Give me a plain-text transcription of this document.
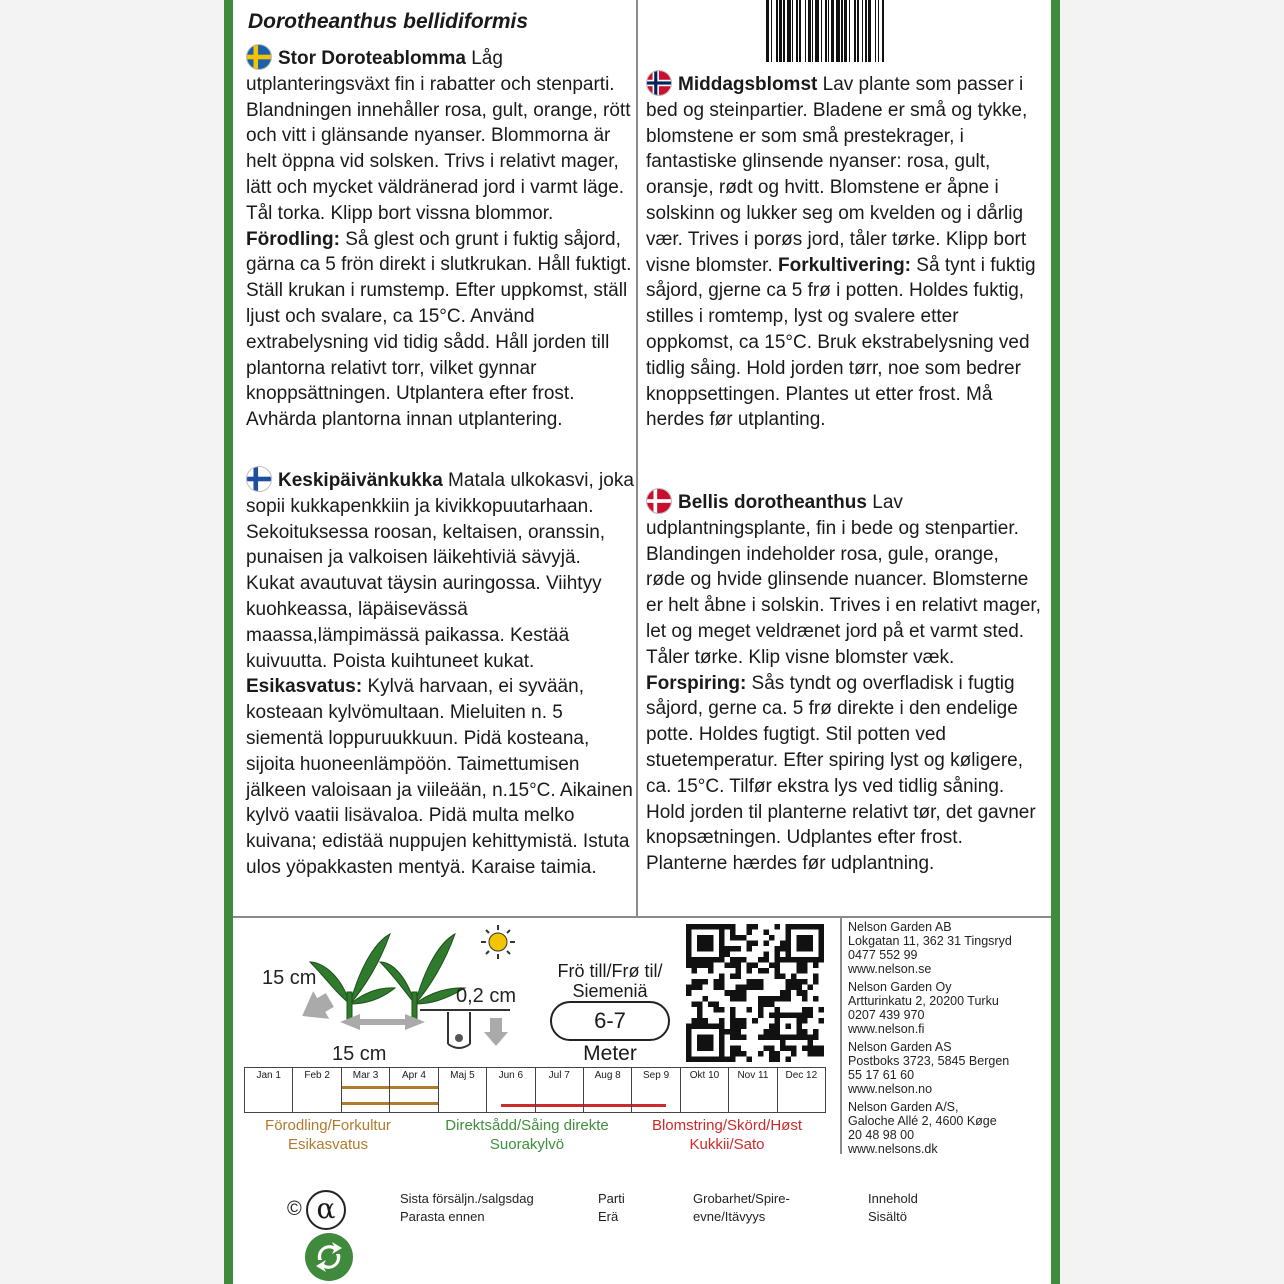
Dorotheanthus bellidiformis
Stor Doroteablomma Låg utplanteringsväxt fin i rabatter och stenparti. Blandningen innehåller rosa, gult, orange, rött och vitt i glänsande nyanser. Blommorna är helt öppna vid solsken. Trivs i relativt mager, lätt och mycket väldränerad jord i varmt läge. Tål torka. Klipp bort vissna blommor. Förodling: Så glest och grunt i fuktig såjord, gärna ca 5 frön direkt i slutkrukan. Håll fuktigt. Ställ krukan i rumstemp. Efter uppkomst, ställ ljust och svalare, ca 15°C. Använd extrabelysning vid tidig sådd. Håll jorden till plantorna relativt torr, vilket gynnar knoppsättningen. Utplantera efter frost. Avhärda plantorna innan utplantering.
Middagsblomst Lav plante som passer i bed og steinpartier. Bladene er små og tykke, blomstene er som små prestekrager, i fantastiske glinsende nyanser: rosa, gult, oransje, rødt og hvitt. Blomstene er åpne i solskinn og lukker seg om kvelden og i dårlig vær. Trives i porøs jord, tåler tørke. Klipp bort visne blomster. Forkultivering: Så tynt i fuktig såjord, gjerne ca 5 frø i potten. Holdes fuktig, stilles i romtemp, lyst og svalere etter oppkomst, ca 15°C. Bruk ekstrabelysning ved tidlig såing. Hold jorden tørr, noe som bedrer knoppsettingen. Plantes ut etter frost. Må herdes før utplanting.
Keskipäivänkukka Matala ulkokasvi, joka sopii kukkapenkkiin ja kivikkopuutarhaan. Sekoituksessa roosan, keltaisen, oranssin, punaisen ja valkoisen läikehtiviä sävyjä. Kukat avautuvat täysin auringossa. Viihtyy kuohkeassa, läpäisevässä maassa,lämpimässä paikassa. Kestää kuivuutta. Poista kuihtuneet kukat. Esikasvatus: Kylvä harvaan, ei syvään, kosteaan kylvömultaan. Mieluiten n. 5 siementä loppuruukkuun. Pidä kosteana, sijoita huoneenlämpöön. Taimettumisen jälkeen valoisaan ja viileään, n.15°C. Aikainen kylvö vaatii lisävaloa. Pidä multa melko kuivana; edistää nuppujen kehittymistä. Istuta ulos yöpakkasten mentyä. Karaise taimia.
Bellis dorotheanthus Lav udplantningsplante, fin i bede og stenpartier. Blandingen indeholder rosa, gule, orange, røde og hvide glinsende nuancer. Blomsterne er helt åbne i solskin. Trives i en relativt mager, let og meget veldrænet jord på et varmt sted. Tåler tørke. Klip visne blomster væk. Forspiring: Sås tyndt og overfladisk i fugtig såjord, gerne ca. 5 frø direkte i den endelige potte. Holdes fugtigt. Stil potten ved stuetemperatur. Efter spiring lyst og køligere, ca. 15°C. Tilfør ekstra lys ved tidlig såning. Hold jorden til planterne relativt tør, det gavner knopsætningen. Udplantes efter frost. Planterne hærdes før udplantning.
15 cm
15 cm
0,2 cm
Frö till/Frø til/
Siemeniä
6-7
Meter
Jan 1	Feb 2	Mar 3	Apr 4	Maj 5	Jun 6	Jul 7	Aug 8	Sep 9	Okt 10	Nov 11	Dec 12
Förodling/Forkultur
Esikasvatus
Direktsådd/Såing direkte
Suorakylvö
Blomstring/Skörd/Høst
Kukkii/Sato
Nelson Garden AB
Lokgatan 11, 362 31 Tingsryd
0477 552 99
www.nelson.se
Nelson Garden Oy
Artturinkatu 2, 20200 Turku
0207 439 970
www.nelson.fi
Nelson Garden AS
Postboks 3723, 5845 Bergen
55 17 61 60
www.nelson.no
Nelson Garden A/S,
Galoche Allé 2, 4600 Køge
20 48 98 00
www.nelsons.dk
© α	Sista försäljn./salgsdag
Parasta ennen
Parti
Erä
Grobarhet/Spire-
evne/Itävyys
Innehold
Sisältö
